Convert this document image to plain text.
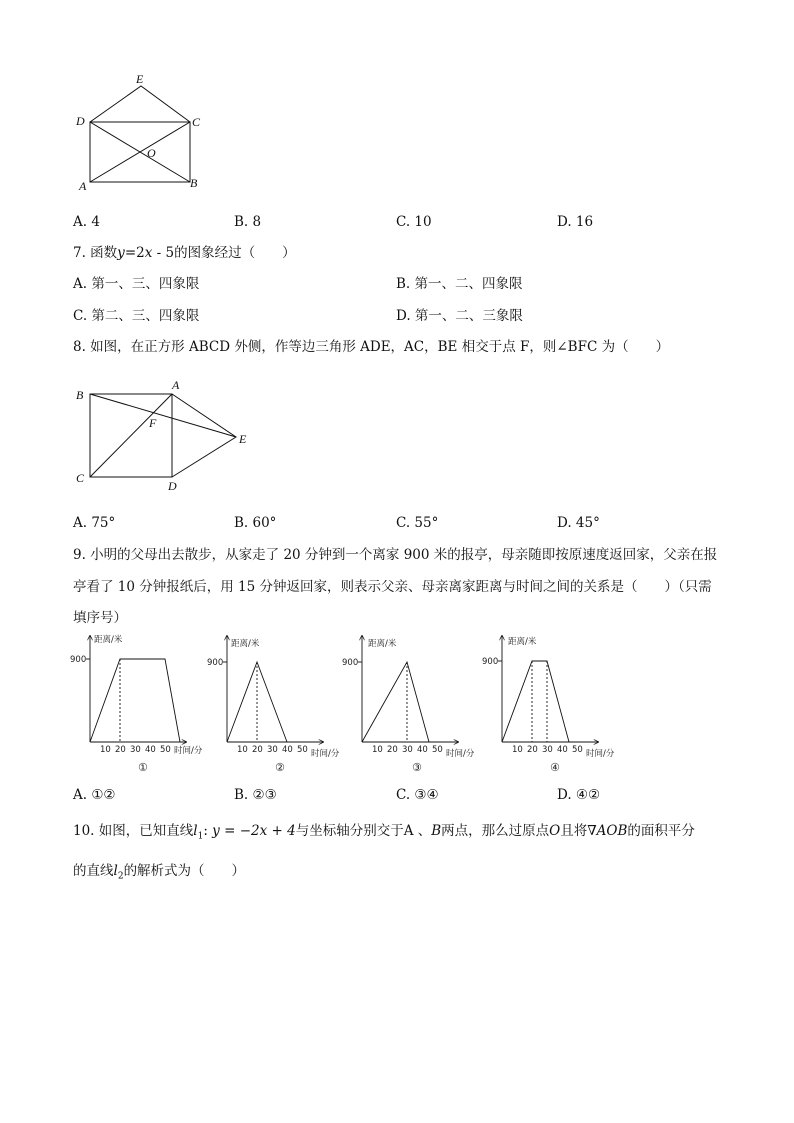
E
D	C
O
A	B
A. 4	B. 8	C. 10	D. 16
7. 函数y=2x - 5的图象经过（　　）
A. 第一、三、四象限	B. 第一、二、四象限
C. 第二、三、四象限	D. 第一、二、三象限
8. 如图，在正方形 ABCD 外侧，作等边三角形 ADE，AC，BE 相交于点 F，则∠BFC 为（　　）
B
A
F
E
C
D
A. 75°	B. 60°	C. 55°	D. 45°
9. 小明的父母出去散步，从家走了 20 分钟到一个离家 900 米的报亭，母亲随即按原速度返回家，父亲在报
亭看了 10 分钟报纸后，用 15 分钟返回家，则表示父亲、母亲离家距离与时间之间的关系是（　　）（只需
填序号）
距离/米
900
10 20 30 40 50 时间/分
①
距离/米
900
10 20 30 40 50 时间/分
②
距离/米
900
10 20 30 40 50 时间/分
③
距离/米
900
10 20 30 40 50 时间/分
④
A. ①②	B. ②③	C. ③④	D. ④②
10. 如图，已知直线$l_1$: y = −2x + 4与坐标轴分别交于A 、B两点，那么过原点O且将∇AOB的面积平分
的直线$l_2$的解析式为（　　）
